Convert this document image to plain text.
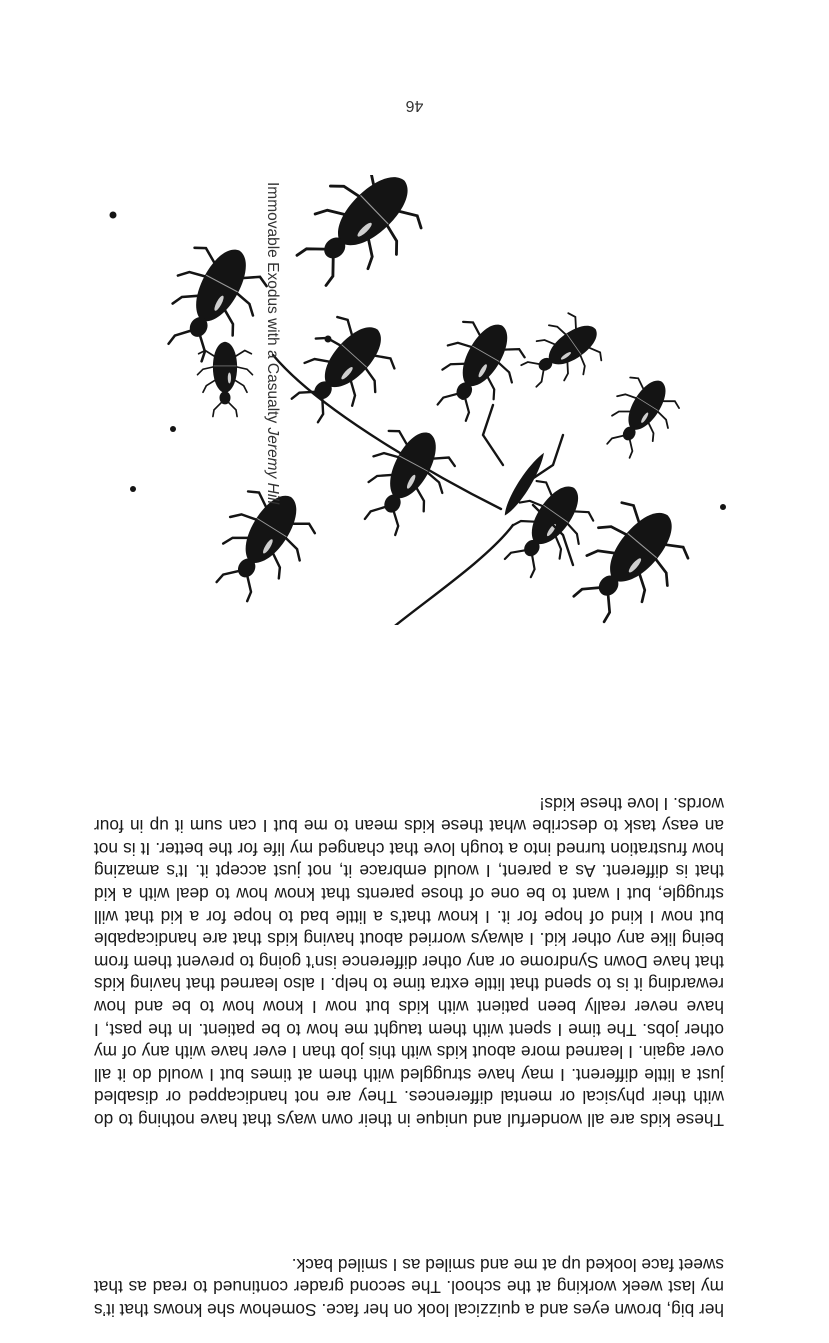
her big, brown eyes and a quizzical look on her face. Somehow she knows that it’s my last week working at the school. The second grader continued to read as that sweet face looked up at me and smiled as I smiled back.

These kids are all wonderful and unique in their own ways that have nothing to do with their physical or mental differences. They are not handicapped or disabled just a little different. I may have struggled with them at times but I would do it all over again. I learned more about kids with this job than I ever have with any of my other jobs. The time I spent with them taught me how to be patient. In the past, I have never really been patient with kids but now I know how to be and how rewarding it is to spend that little extra time to help. I also learned that having kids that have Down Syndrome or any other difference isn’t going to prevent them from being like any other kid. I always worried about having kids that are handicapable but now I kind of hope for it. I know that’s a little bad to hope for a kid that will struggle, but I want to be one of those parents that know how to deal with a kid that is different. As a parent, I would embrace it, not just accept it. It’s amazing how frustration turned into a tough love that changed my life for the better. It is not an easy task to describe what these kids mean to me but I can sum it up in four words. I love these kids!

Immovable Exodus with a Casualty Jeremy Hill
46
